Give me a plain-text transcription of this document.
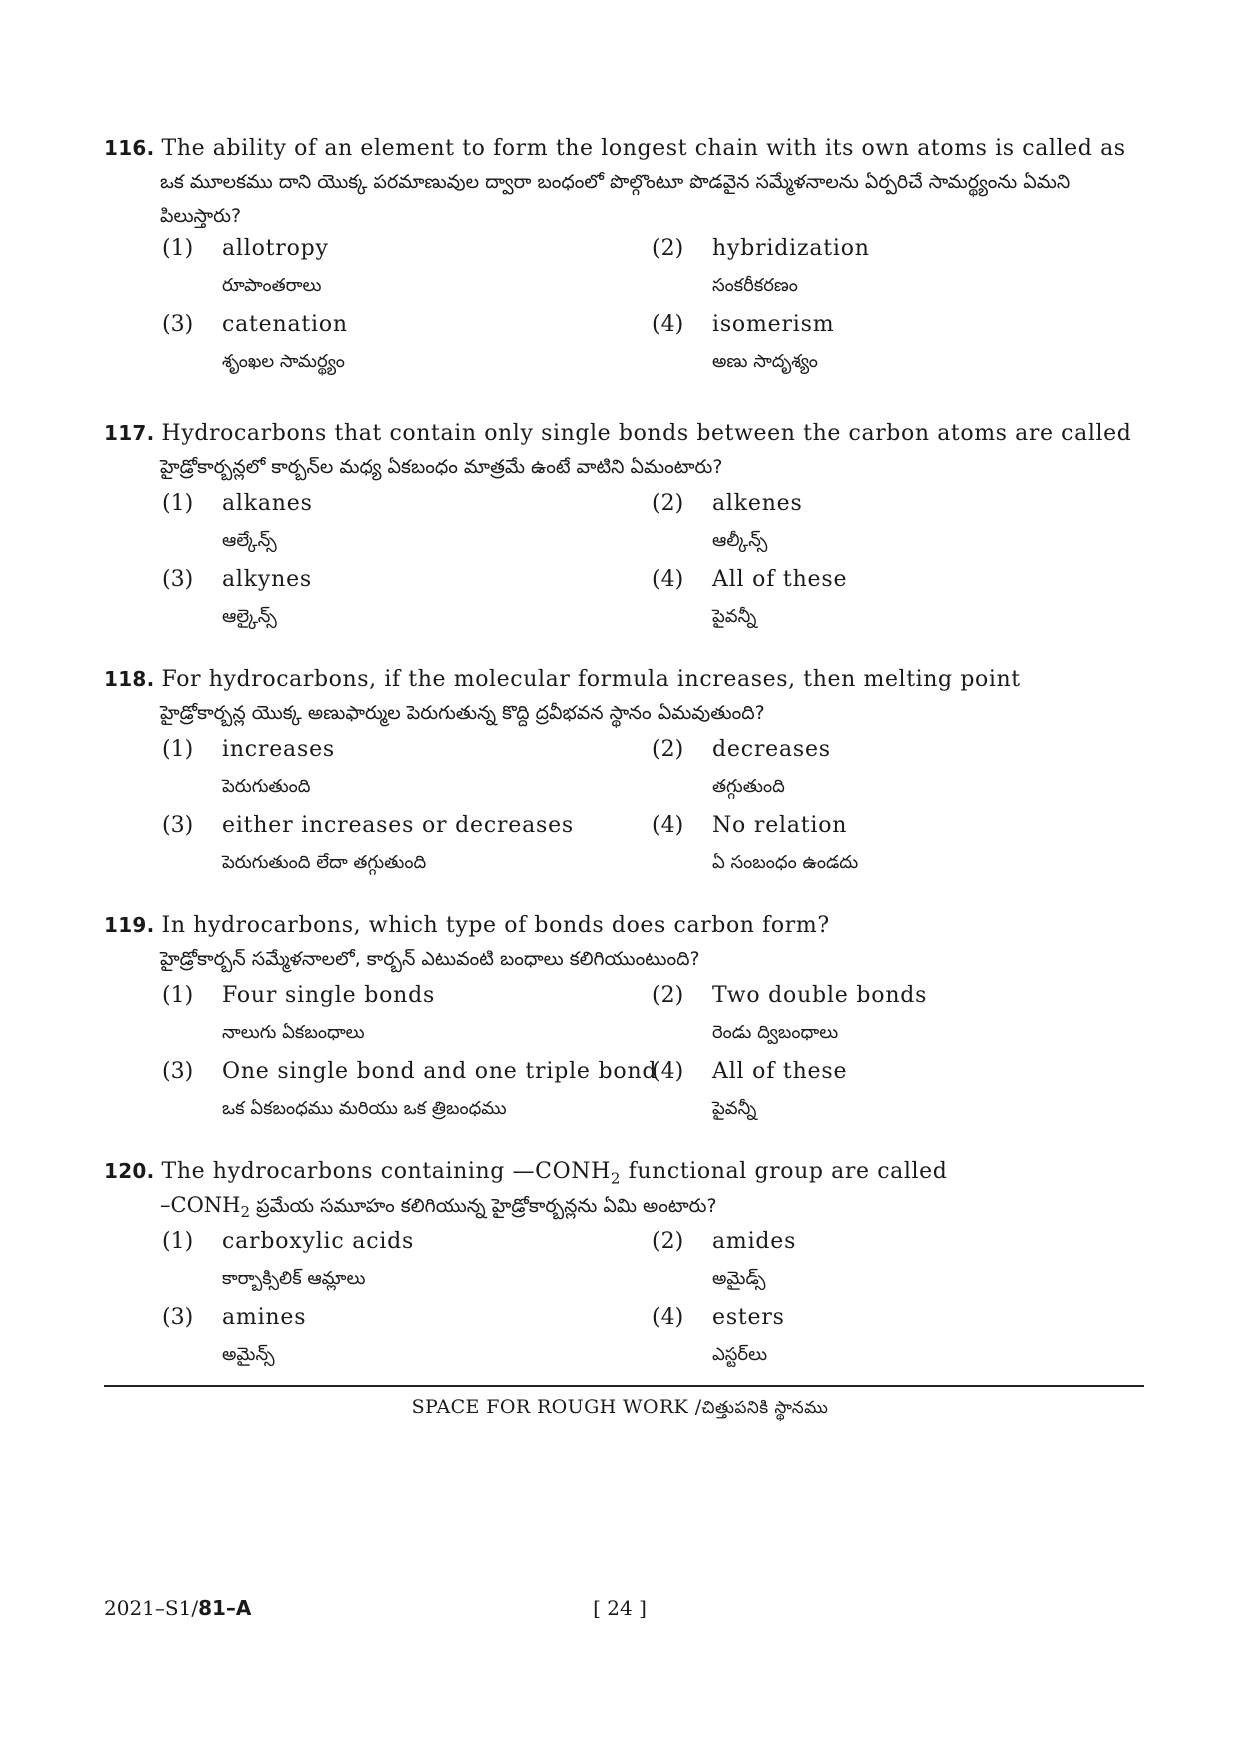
116. The ability of an element to form the longest chain with its own atoms is called as
ఒక మూలకము దాని యొక్క పరమాణువుల ద్వారా బంధంలో పొల్గొంటూ పొడవైన సమ్మేళనాలను ఏర్పరిచే సామర్థ్యంను ఏమని
పిలుస్తారు?
(1) allotropy
రూపాంతరాలు
(2) hybridization
సంకరీకరణం
(3) catenation
శృంఖల సామర్థ్యం
(4) isomerism
అణు సాదృశ్యం
117. Hydrocarbons that contain only single bonds between the carbon atoms are called
హైడ్రోకార్బన్లలో కార్బన్‌ల మధ్య ఏకబంధం మాత్రమే ఉంటే వాటిని ఏమంటారు?
(1) alkanes
ఆల్కేన్స్
(2) alkenes
ఆల్కీన్స్
(3) alkynes
ఆల్కైన్స్
(4) All of these
పైవన్నీ
118. For hydrocarbons, if the molecular formula increases, then melting point
హైడ్రోకార్బన్ల యొక్క అణుఫార్ముల పెరుగుతున్న కొద్ది ద్రవీభవన స్థానం ఏమవుతుంది?
(1) increases
పెరుగుతుంది
(2) decreases
తగ్గుతుంది
(3) either increases or decreases
పెరుగుతుంది లేదా తగ్గుతుంది
(4) No relation
ఏ సంబంధం ఉండదు
119. In hydrocarbons, which type of bonds does carbon form?
హైడ్రోకార్బన్ సమ్మేళనాలలో, కార్బన్ ఎటువంటి బంధాలు కలిగియుంటుంది?
(1) Four single bonds
నాలుగు ఏకబంధాలు
(2) Two double bonds
రెండు ద్విబంధాలు
(3) One single bond and one triple bond
ఒక ఏకబంధము మరియు ఒక త్రిబంధము
(4) All of these
పైవన్నీ
120. The hydrocarbons containing $—CONH_2$ functional group are called
$-CONH_2$ ప్రమేయ సమూహం కలిగియున్న హైడ్రోకార్బన్లను ఏమి అంటారు?
(1) carboxylic acids
కార్బాక్సిలిక్ ఆమ్లాలు
(2) amides
అమైడ్స్
(3) amines
అమైన్స్
(4) esters
ఎస్టర్‌లు
SPACE FOR ROUGH WORK /చిత్తుపనికి స్థానము
2021–S1/81–A	[ 24 ]
